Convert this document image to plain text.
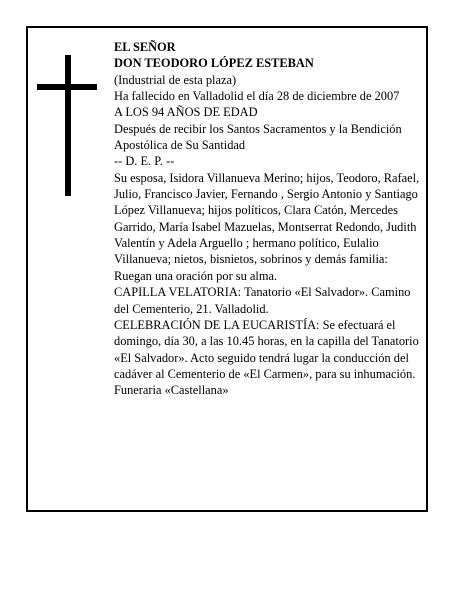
EL SEÑOR

DON TEODORO LÓPEZ ESTEBAN

(Industrial de esta plaza)

Ha fallecido en Valladolid el día 28 de diciembre de 2007

A LOS 94 AÑOS DE EDAD

Después de recibir los Santos Sacramentos y la Bendición Apostólica de Su Santidad

-- D. E. P. --

Su esposa, Isidora Villanueva Merino; hijos, Teodoro, Rafael, Julio, Francisco Javier, Fernando , Sergio Antonio y Santiago López Villanueva; hijos políticos, Clara Catón, Mercedes Garrido, María Isabel Mazuelas, Montserrat Redondo, Judith Valentín y Adela Arguello ; hermano político, Eulalio Villanueva; nietos, bisnietos, sobrinos y demás familia:

Ruegan una oración por su alma.

CAPILLA VELATORIA: Tanatorio «El Salvador». Camino del Cementerio, 21. Valladolid.

CELEBRACIÓN DE LA EUCARISTÍA: Se efectuará el domingo, día 30, a las 10.45 horas, en la capilla del Tanatorio «El Salvador». Acto seguido tendrá lugar la conducción del cadáver al Cementerio de «El Carmen», para su inhumación.

Funeraria «Castellana»
